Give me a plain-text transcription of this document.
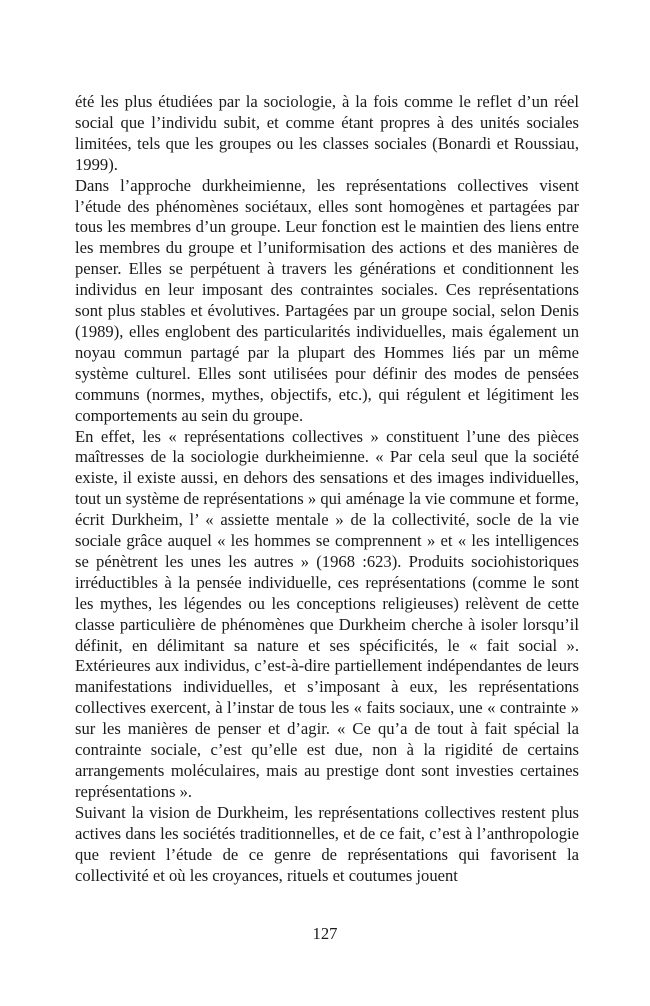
été les plus étudiées par la sociologie, à la fois comme le reflet d’un réel social que l’individu subit, et comme étant propres à des unités sociales limitées, tels que les groupes ou les classes sociales (Bonardi et Roussiau, 1999).

Dans l’approche durkheimienne, les représentations collectives visent l’étude des phénomènes sociétaux, elles sont homogènes et partagées par tous les membres d’un groupe. Leur fonction est le maintien des liens entre les membres du groupe et l’uniformisation des actions et des manières de penser. Elles se perpétuent à travers les générations et conditionnent les individus en leur imposant des contraintes sociales. Ces représentations sont plus stables et évolutives. Partagées par un groupe social, selon Denis (1989), elles englobent des particularités individuelles, mais également un noyau commun partagé par la plupart des Hommes liés par un même système culturel. Elles sont utilisées pour définir des modes de pensées communs (normes, mythes, objectifs, etc.), qui régulent et légitiment les comportements au sein du groupe.

En effet, les « représentations collectives » constituent l’une des pièces maîtresses de la sociologie durkheimienne. « Par cela seul que la société existe, il existe aussi, en dehors des sensations et des images individuelles, tout un système de représentations » qui aménage la vie commune et forme, écrit Durkheim, l’ « assiette mentale » de la collectivité, socle de la vie sociale grâce auquel « les hommes se comprennent » et « les intelligences se pénètrent les unes les autres » (1968 :623). Produits sociohistoriques irréductibles à la pensée individuelle, ces représentations (comme le sont les mythes, les légendes ou les conceptions religieuses) relèvent de cette classe particulière de phénomènes que Durkheim cherche à isoler lorsqu’il définit, en délimitant sa nature et ses spécificités, le « fait social ». Extérieures aux individus, c’est-à-dire partiellement indépendantes de leurs manifestations individuelles, et s’imposant à eux, les représentations collectives exercent, à l’instar de tous les « faits sociaux, une « contrainte » sur les manières de penser et d’agir. « Ce qu’a de tout à fait spécial la contrainte sociale, c’est qu’elle est due, non à la rigidité de certains arrangements moléculaires, mais au prestige dont sont investies certaines représentations ».

Suivant la vision de Durkheim, les représentations collectives restent plus actives dans les sociétés traditionnelles, et de ce fait, c’est à l’anthropologie que revient l’étude de ce genre de représentations qui favorisent la collectivité et où les croyances, rituels et coutumes jouent

127
